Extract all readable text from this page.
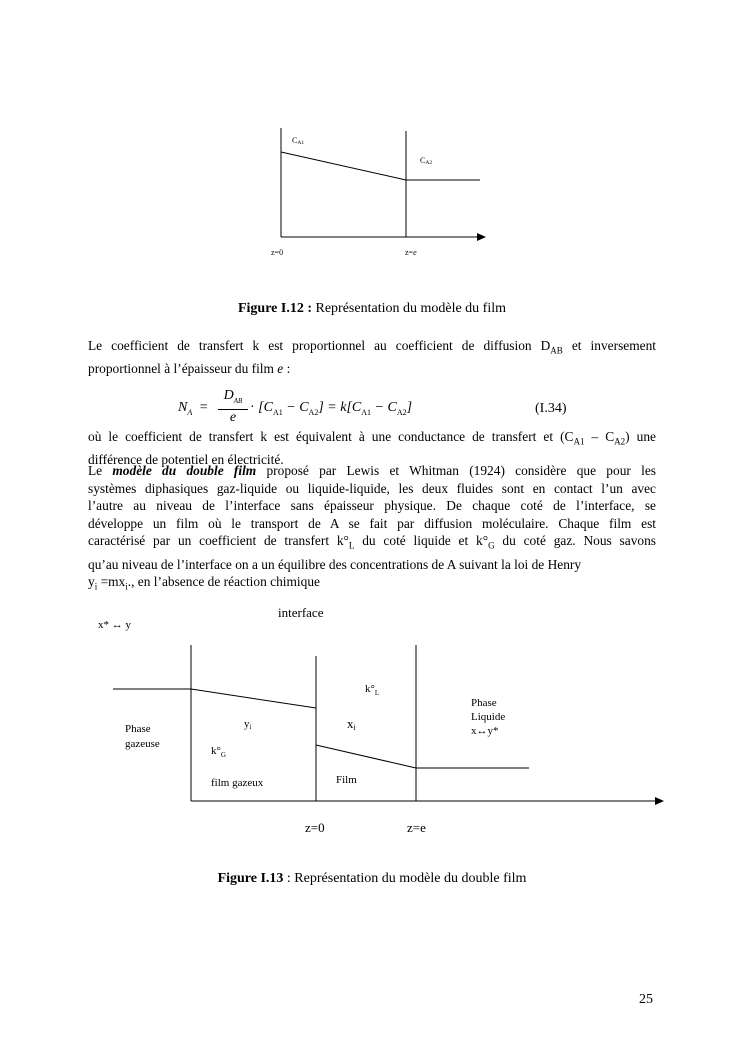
CA1
CA2
z=0	z=e
Figure I.12 : Représentation du modèle du film
Le coefficient de transfert k est proportionnel au coefficient de diffusion $D_{AB}$ et inversement
proportionnel à l’épaisseur du film e :
$N_A$ =
$D_{AB}$
e
· $[C_{A1} - C_{A2}] = k[C_{A1} - C_{A2}]$	(I.34)
où le coefficient de transfert k est équivalent à une conductance de transfert et $(C_{A1} - C_{A2})$ une
différence de potentiel en électricité.
Le modèle du double film proposé par Lewis et Whitman (1924) considère que pour les
systèmes diphasiques gaz-liquide ou liquide-liquide, les deux fluides sont en contact l’un avec
l’autre au niveau de l’interface sans épaisseur physique. De chaque coté de l’interface, se
développe un film où le transport de A se fait par diffusion moléculaire. Chaque film est
caractérisé par un coefficient de transfert $k^\circ_L$ du coté liquide et $k^\circ_G$ du coté gaz. Nous savons
qu’au niveau de l’interface on a un équilibre des concentrations de A suivant la loi de Henry
$y_i =mx_i$., en l’absence de réaction chimique
interface
x* ↔ y
Phase
gazeuse
yi
$k^\circ_G$
film gazeux
$k^\circ_L$
xi
Film
Phase
Liquide
x↔y*
z=0	z=e
Figure I.13 : Représentation du modèle du double film
25
